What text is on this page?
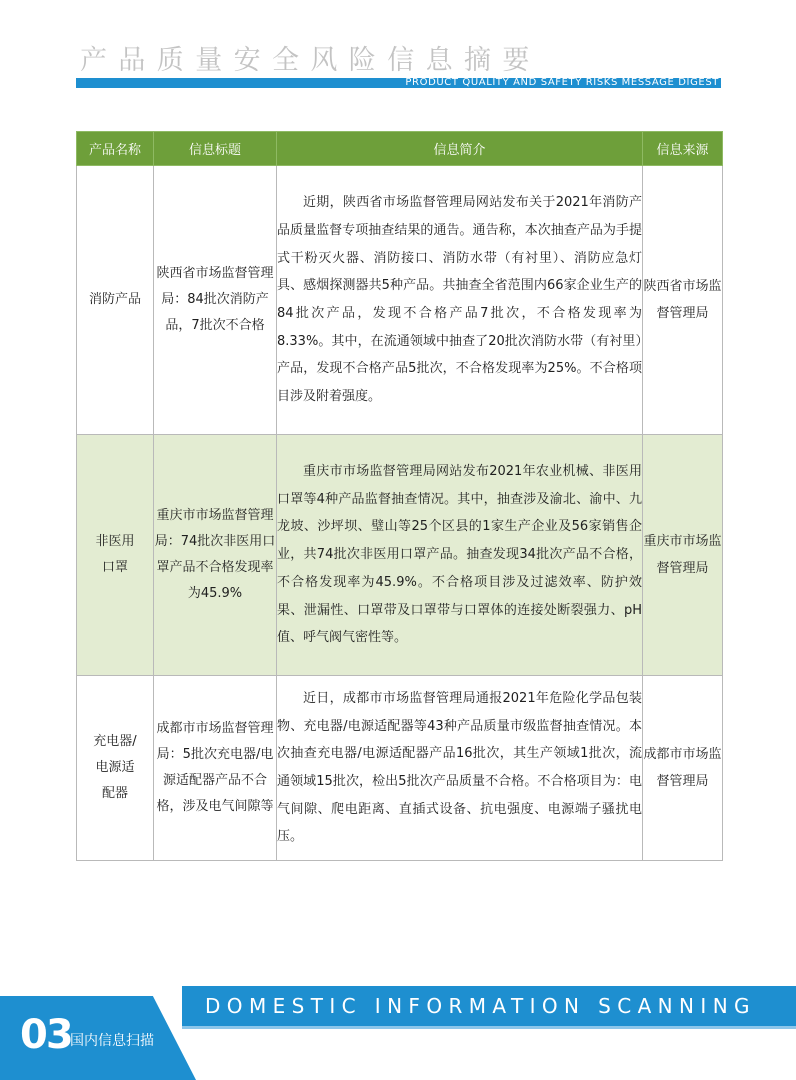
产品质量安全风险信息摘要
PRODUCT QUALITY AND SAFETY RISKS MESSAGE DIGEST
产品名称	信息标题	信息简介	信息来源
消防产品	陕西省市场监督管理局：84批次消防产品，7批次不合格	近期，陕西省市场监督管理局网站发布关于2021年消防产品质量监督专项抽查结果的通告。通告称，本次抽查产品为手提式干粉灭火器、消防接口、消防水带（有衬里）、消防应急灯具、感烟探测器共5种产品。共抽查全省范围内66家企业生产的84批次产品，发现不合格产品7批次，不合格发现率为8.33%。其中，在流通领域中抽查了20批次消防水带（有衬里）产品，发现不合格产品5批次，不合格发现率为25%。不合格项目涉及附着强度。	陕西省市场监督管理局
非医用口罩	重庆市市场监督管理局：74批次非医用口罩产品不合格发现率为45.9%	重庆市市场监督管理局网站发布2021年农业机械、非医用口罩等4种产品监督抽查情况。其中，抽查涉及渝北、渝中、九龙坡、沙坪坝、璧山等25个区县的1家生产企业及56家销售企业，共74批次非医用口罩产品。抽查发现34批次产品不合格，不合格发现率为45.9%。不合格项目涉及过滤效率、防护效果、泄漏性、口罩带及口罩带与口罩体的连接处断裂强力、pH值、呼气阀气密性等。	重庆市市场监督管理局
充电器/电源适配器	成都市市场监督管理局：5批次充电器/电源适配器产品不合格，涉及电气间隙等	近日，成都市市场监督管理局通报2021年危险化学品包装物、充电器/电源适配器等43种产品质量市级监督抽查情况。本次抽查充电器/电源适配器产品16批次，其生产领域1批次，流通领域15批次，检出5批次产品质量不合格。不合格项目为：电气间隙、爬电距离、直插式设备、抗电强度、电源端子骚扰电压。	成都市市场监督管理局
DOMESTIC INFORMATION SCANNING
03
国内信息扫描
